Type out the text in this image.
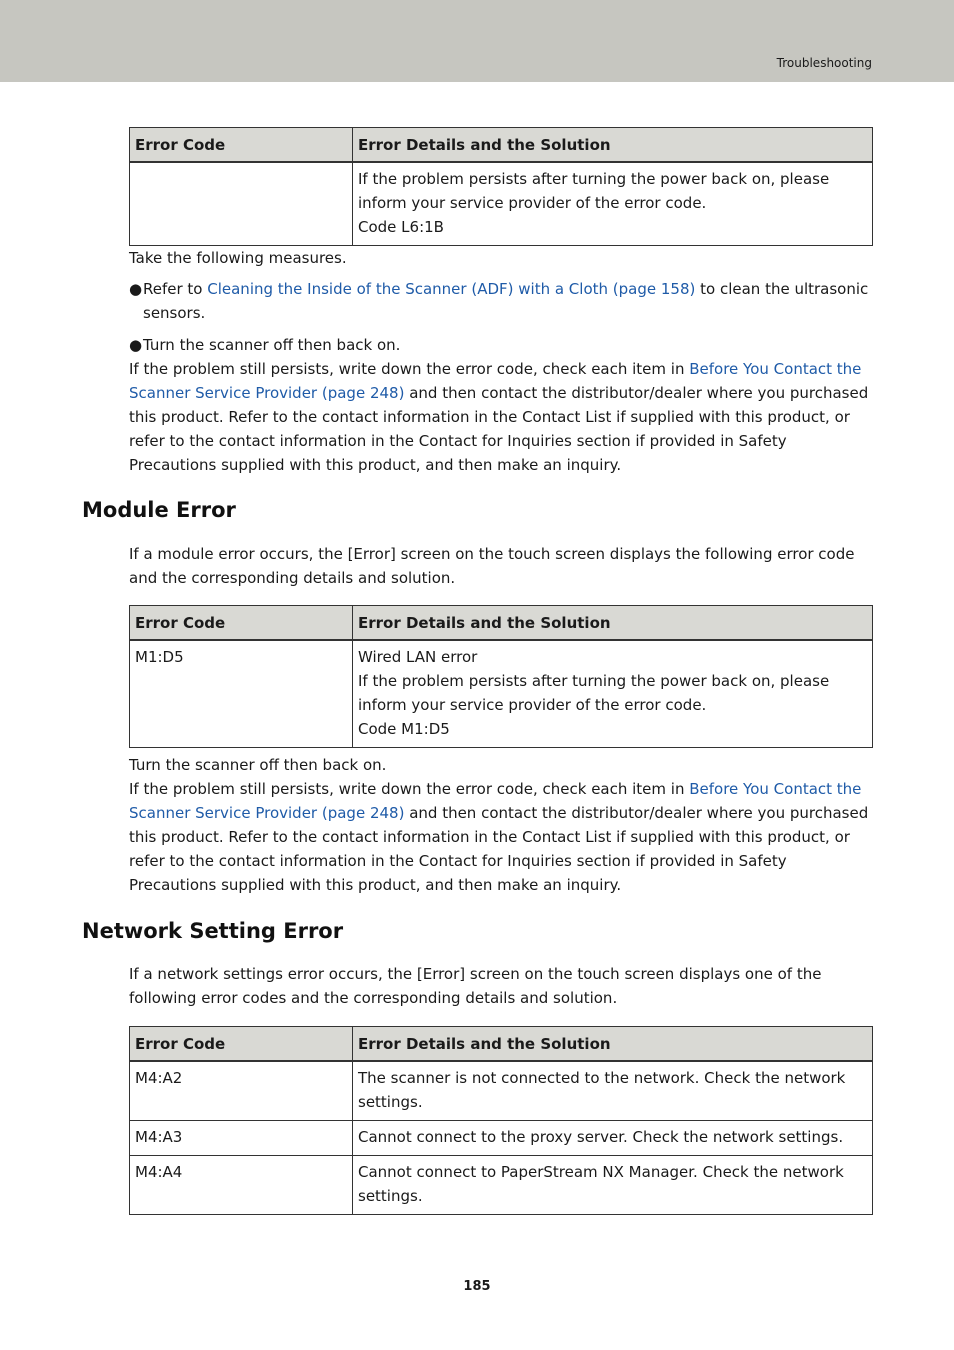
Troubleshooting
Error Code	Error Details and the Solution

	If the problem persists after turning the power back on, please inform your service provider of the error code.
Code L6:1B
Take the following measures.
● Refer to Cleaning the Inside of the Scanner (ADF) with a Cloth (page 158) to clean the ultrasonic sensors.
● Turn the scanner off then back on.
If the problem still persists, write down the error code, check each item in Before You Contact the Scanner Service Provider (page 248) and then contact the distributor/dealer where you purchased this product. Refer to the contact information in the Contact List if supplied with this product, or refer to the contact information in the Contact for Inquiries section if provided in Safety Precautions supplied with this product, and then make an inquiry.
Module Error
If a module error occurs, the [Error] screen on the touch screen displays the following error code and the corresponding details and solution.
Error Code	Error Details and the Solution
M1:D5	Wired LAN error
If the problem persists after turning the power back on, please inform your service provider of the error code.
Code M1:D5
Turn the scanner off then back on.
If the problem still persists, write down the error code, check each item in Before You Contact the Scanner Service Provider (page 248) and then contact the distributor/dealer where you purchased this product. Refer to the contact information in the Contact List if supplied with this product, or refer to the contact information in the Contact for Inquiries section if provided in Safety Precautions supplied with this product, and then make an inquiry.
Network Setting Error
If a network settings error occurs, the [Error] screen on the touch screen displays one of the following error codes and the corresponding details and solution.
Error Code	Error Details and the Solution
M4:A2	The scanner is not connected to the network. Check the network settings.
M4:A3	Cannot connect to the proxy server. Check the network settings.
M4:A4	Cannot connect to PaperStream NX Manager. Check the network settings.
185
